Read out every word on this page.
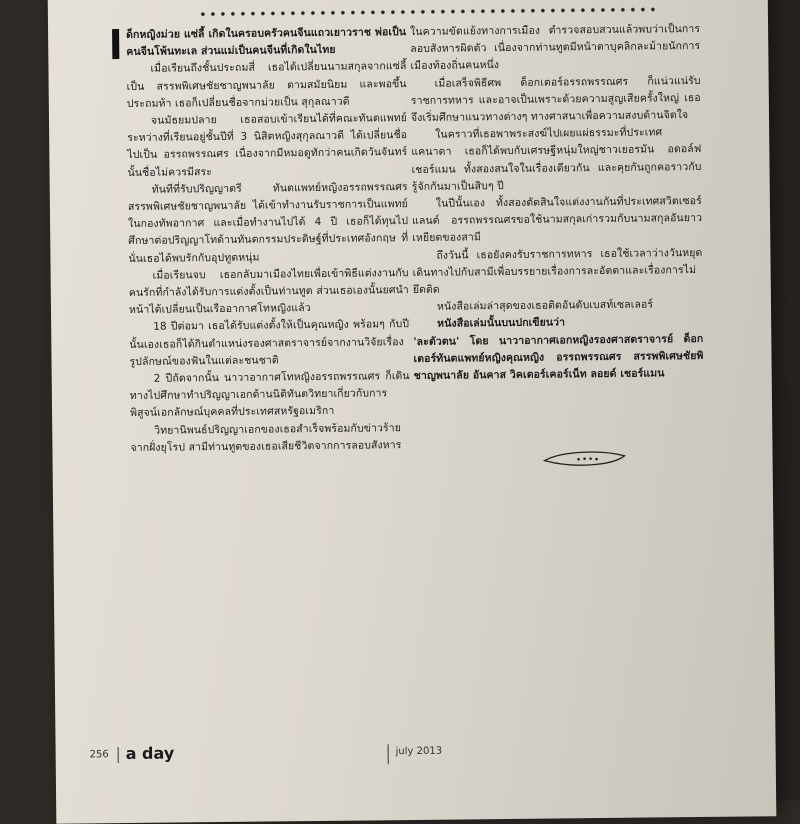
ด็กหญิงม่วย แซ่ลี้ เกิดในครอบครัวคนจีนแถวเยาวราช พ่อเป็นคนจีนโพ้นทะเล ส่วนแม่เป็นคนจีนที่เกิดในไทย

เมื่อเรียนถึงชั้นประถมสี่ เธอได้เปลี่ยนนามสกุลจากแซ่ลี้ เป็น สรรพพิเศษชัยชาญพนาลัย ตามสมัยนิยม และพอขึ้นประถมห้า เธอก็เปลี่ยนชื่อจากม่วยเป็น สุกุลณาวดี

จนมัธยมปลาย เธอสอบเข้าเรียนได้ที่คณะทันตแพทย์ ระหว่างที่เรียนอยู่ชั้นปีที่ 3 นิสิตหญิงสุกุลณาวดี ได้เปลี่ยนชื่อไปเป็น อรรถพรรณศร เนื่องจากมีหมอดูทักว่าคนเกิดวันจันทร์นั้นชื่อไม่ควรมีสระ

ทันทีที่รับปริญญาตรี ทันตแพทย์หญิงอรรถพรรณศร สรรพพิเศษชัยชาญพนาลัย ได้เข้าทำงานรับราชการเป็นแพทย์ในกองทัพอากาศ และเมื่อทำงานไปได้ 4 ปี เธอก็ได้ทุนไปศึกษาต่อปริญญาโทด้านทันตกรรมประดิษฐ์ที่ประเทศอังกฤษ ที่นั่นเธอได้พบรักกับอุปทูตหนุ่ม

เมื่อเรียนจบ เธอกลับมาเมืองไทยเพื่อเข้าพิธีแต่งงานกับคนรักที่กำลังได้รับการแต่งตั้งเป็นท่านทูต ส่วนเธอเองนั้นยศนำหน้าได้เปลี่ยนเป็นเรืออากาศโทหญิงแล้ว

18 ปีต่อมา เธอได้รับแต่งตั้งให้เป็นคุณหญิง พร้อมๆ กับปีนั้นเองเธอก็ได้กินตำแหน่งรองศาสตราจารย์จากงานวิจัยเรื่องรูปลักษณ์ของฟันในแต่ละชนชาติ

2 ปีถัดจากนั้น นาวาอากาศโทหญิงอรรถพรรณศร ก็เดินทางไปศึกษาทำปริญญาเอกด้านนิติทันตวิทยาเกี่ยวกับการพิสูจน์เอกลักษณ์บุคคลที่ประเทศสหรัฐอเมริกา

วิทยานิพนธ์ปริญญาเอกของเธอสำเร็จพร้อมกับข่าวร้ายจากฝั่งยุโรป สามีท่านทูตของเธอเสียชีวิตจากการลอบสังหาร

ในความขัดแย้งทางการเมือง ตำรวจสอบสวนแล้วพบว่าเป็นการลอบสังหารผิดตัว เนื่องจากท่านทูตมีหน้าตาบุคลิกละม้ายนักการเมืองท้องถิ่นคนหนึ่ง

เมื่อเสร็จพิธีศพ ด็อกเตอร์อรรถพรรณศร ก็แน่วแน่รับราชการทหาร และอาจเป็นเพราะด้วยความสูญเสียครั้งใหญ่ เธอจึงเริ่มศึกษาแนวทางต่างๆ ทางศาสนาเพื่อความสงบด้านจิตใจ

ในคราวที่เธอพาพระสงฆ์ไปเผยแผ่ธรรมะที่ประเทศแคนาดา เธอก็ได้พบกับเศรษฐีหนุ่มใหญ่ชาวเยอรมัน อดอล์ฟ เชอร์แมน ทั้งสองสนใจในเรื่องเดียวกัน และคุยกันถูกคอราวกับรู้จักกันมาเป็นสิบๆ ปี

ในปีนั้นเอง ทั้งสองตัดสินใจแต่งงานกันที่ประเทศสวิตเซอร์แลนด์ อรรถพรรณศรขอใช้นามสกุลเก่ารวมกับนามสกุลอันยาวเหยียดของสามี

ถึงวันนี้ เธอยังคงรับราชการทหาร เธอใช้เวลาว่างวันหยุดเดินทางไปกับสามีเพื่อบรรยายเรื่องการละอัตตาและเรื่องการไม่ยึดติด

หนังสือเล่มล่าสุดของเธอติดอันดับเบสท์เซลเลอร์

หนังสือเล่มนั้นบนปกเขียนว่า

'ละตัวตน' โดย นาวาอากาศเอกหญิงรองศาสตราจารย์ ด็อกเตอร์ทันตแพทย์หญิงคุณหญิง อรรถพรรณศร สรรพพิเศษชัยพิชาญพนาลัย อันคาส วิคเตอร์เคอร์เน็ท ลอยด์ เชอร์แมน

256 a day	july 2013
